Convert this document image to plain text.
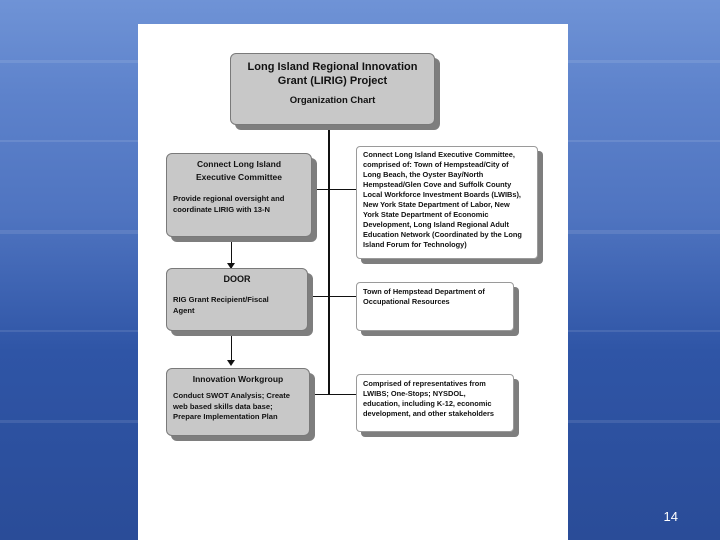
Long Island Regional Innovation
Grant (LIRIG) Project
Organization Chart
Connect Long Island
Executive Committee
Provide regional oversight and
coordinate LIRIG with 13-N
DOOR
RIG Grant Recipient/Fiscal
Agent
Innovation Workgroup
Conduct SWOT Analysis; Create
web based skills data base;
Prepare Implementation Plan
Connect Long Island Executive Committee,
comprised of: Town of Hempstead/City of
Long Beach, the Oyster Bay/North
Hempstead/Glen Cove and Suffolk County
Local Workforce Investment Boards (LWIBs),
New York State Department of Labor, New
York State Department of Economic
Development, Long Island Regional Adult
Education Network (Coordinated by the Long
Island Forum for Technology)
Town of Hempstead Department of
Occupational Resources
Comprised of representatives from
LWIBS; One-Stops; NYSDOL,
education, including K-12, economic
development, and other stakeholders
un d d u or g t fr m
USDOL	14
